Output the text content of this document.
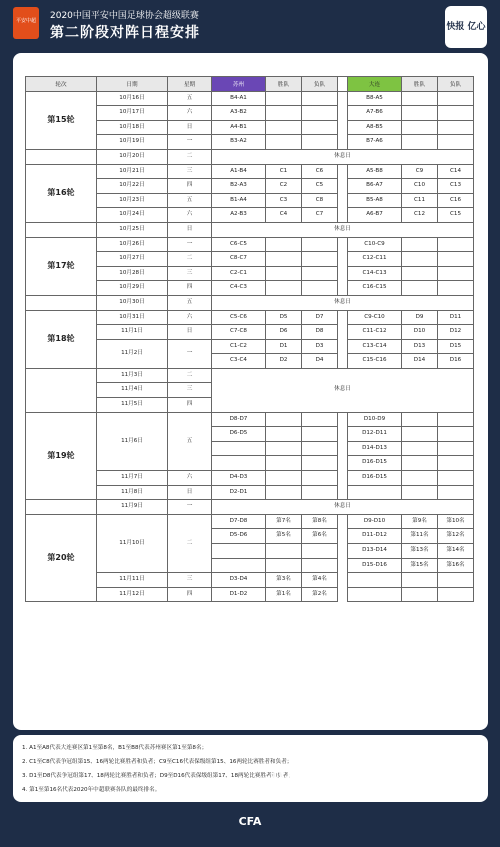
平安中超	2020中国平安中国足球协会超级联赛
第二阶段对阵日程安排	快报 亿心
轮次	日期	星期	苏州	胜队	负队		大连	胜队	负队
第15轮	10月16日	五	B4-A1				B8-A5		
	10月17日	六	A3-B2				A7-B6		
	10月18日	日	A4-B1				A8-B5		
	10月19日	一	B3-A2				B7-A6		
	10月20日	二	休息日						
第16轮	10月21日	三	A1-B4	C1	C6		A5-B8	C9	C14
	10月22日	四	B2-A3	C2	C5		B6-A7	C10	C13
	10月23日	五	B1-A4	C3	C8		B5-A8	C11	C16
	10月24日	六	A2-B3	C4	C7		A6-B7	C12	C15
	10月25日	日	休息日						
第17轮	10月26日	一	C6-C5				C10-C9		
	10月27日	二	C8-C7				C12-C11		
	10月28日	三	C2-C1				C14-C13		
	10月29日	四	C4-C3				C16-C15		
	10月30日	五	休息日						
第18轮	10月31日	六	C5-C6	D5	D7		C9-C10	D9	D11
	11月1日	日	C7-C8	D6	D8		C11-C12	D10	D12
	11月2日	一	C1-C2	D1	D3		C13-C14	D13	D15
			C3-C4	D2	D4		C15-C16	D14	D16
	11月3日	二	休息日						
	11月4日	三							
	11月5日	四							
第19轮	11月6日	五	D8-D7				D10-D9		
			D6-D5				D12-D11		
							D14-D13		
							D16-D15		
	11月7日	六	D4-D3				D16-D15		
	11月8日	日	D2-D1						
	11月9日	一	休息日						
第20轮	11月10日	二	D7-D8	第7名	第8名		D9-D10	第9名	第10名
			D5-D6	第5名	第6名		D11-D12	第11名	第12名
							D13-D14	第13名	第14名
							D15-D16	第15名	第16名
	11月11日	三	D3-D4	第3名	第4名				
	11月12日	四	D1-D2	第1名	第2名				
1. A1至A8代表大连赛区第1至第8名，B1至B8代表苏州赛区第1至第8名；
2. C1至C8代表争冠组第15、16两轮比赛胜者和负者；C9至C16代表保级组第15、16两轮比赛胜者和负者；
3. D1至D8代表争冠组第17、18两轮比赛胜者和负者；D9至D16代表保级组第17、18两轮比赛胜者和负者；
4. 第1至第16名代表2020年中超联赛各队的最终排名。
.gzliangin.com
CFA
